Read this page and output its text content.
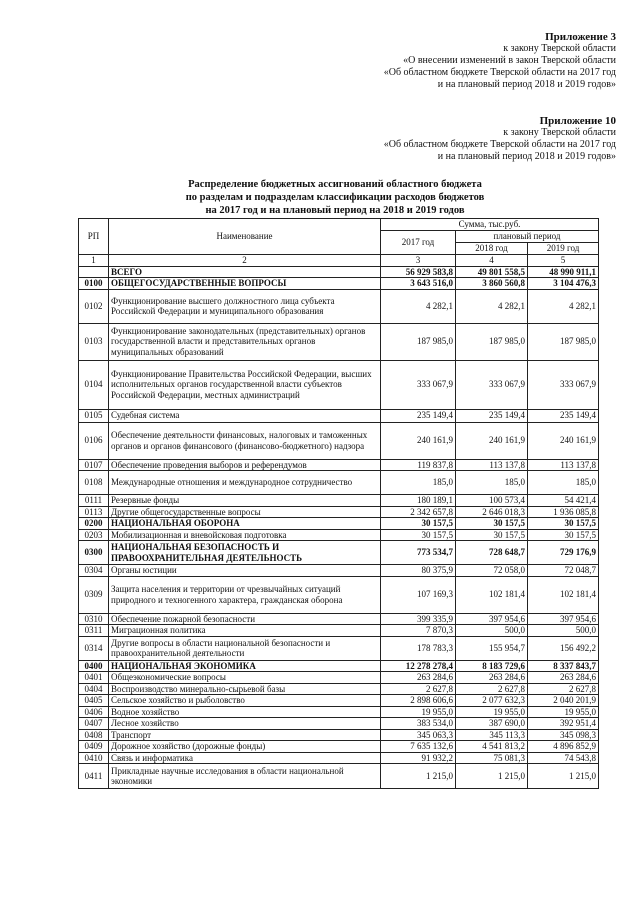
Приложение 3
к закону Тверской области
«О внесении изменений в закон Тверской области
«Об областном бюджете Тверской области на 2017 год
и на плановый период 2018 и 2019 годов»
Приложение 10
к закону Тверской области
«Об областном бюджете Тверской области на 2017 год
и на плановый период 2018 и 2019 годов»
Распределение бюджетных ассигнований областного бюджета
по разделам и подразделам классификации расходов бюджетов
на 2017 год и на плановый период на 2018 и 2019 годов
РП	Наименование	Сумма, тыс.руб.		
		2017 год	плановый период	
			2018 год	2019 год
1	2	3	4	5
	ВСЕГО	56 929 583,8	49 801 558,5	48 990 911,1
0100	ОБЩЕГОСУДАРСТВЕННЫЕ ВОПРОСЫ	3 643 516,0	3 860 560,8	3 104 476,3
0102	Функционирование высшего должностного лица субъекта Российской Федерации и муниципального образования	4 282,1	4 282,1	4 282,1
0103	Функционирование законодательных (представительных) органов государственной власти и представительных органов муниципальных образований	187 985,0	187 985,0	187 985,0
0104	Функционирование Правительства Российской Федерации, высших исполнительных органов государственной власти субъектов Российской Федерации, местных администраций	333 067,9	333 067,9	333 067,9
0105	Судебная система	235 149,4	235 149,4	235 149,4
0106	Обеспечение деятельности финансовых, налоговых и таможенных органов и органов финансового (финансово-бюджетного) надзора	240 161,9	240 161,9	240 161,9
0107	Обеспечение проведения выборов и референдумов	119 837,8	113 137,8	113 137,8
0108	Международные отношения и международное сотрудничество	185,0	185,0	185,0
0111	Резервные фонды	180 189,1	100 573,4	54 421,4
0113	Другие общегосударственные вопросы	2 342 657,8	2 646 018,3	1 936 085,8
0200	НАЦИОНАЛЬНАЯ ОБОРОНА	30 157,5	30 157,5	30 157,5
0203	Мобилизационная и вневойсковая подготовка	30 157,5	30 157,5	30 157,5
0300	НАЦИОНАЛЬНАЯ БЕЗОПАСНОСТЬ И ПРАВООХРАНИТЕЛЬНАЯ ДЕЯТЕЛЬНОСТЬ	773 534,7	728 648,7	729 176,9
0304	Органы юстиции	80 375,9	72 058,0	72 048,7
0309	Защита населения и территории от чрезвычайных ситуаций природного и техногенного характера, гражданская оборона	107 169,3	102 181,4	102 181,4
0310	Обеспечение пожарной безопасности	399 335,9	397 954,6	397 954,6
0311	Миграционная политика	7 870,3	500,0	500,0
0314	Другие вопросы в области национальной безопасности и правоохранительной деятельности	178 783,3	155 954,7	156 492,2
0400	НАЦИОНАЛЬНАЯ ЭКОНОМИКА	12 278 278,4	8 183 729,6	8 337 843,7
0401	Общеэкономические вопросы	263 284,6	263 284,6	263 284,6
0404	Воспроизводство минерально-сырьевой базы	2 627,8	2 627,8	2 627,8
0405	Сельское хозяйство и рыболовство	2 898 606,6	2 077 632,3	2 040 201,9
0406	Водное хозяйство	19 955,0	19 955,0	19 955,0
0407	Лесное хозяйство	383 534,0	387 690,0	392 951,4
0408	Транспорт	345 063,3	345 113,3	345 098,3
0409	Дорожное хозяйство (дорожные фонды)	7 635 132,6	4 541 813,2	4 896 852,9
0410	Связь и информатика	91 932,2	75 081,3	74 543,8
0411	Прикладные научные исследования в области национальной экономики	1 215,0	1 215,0	1 215,0
